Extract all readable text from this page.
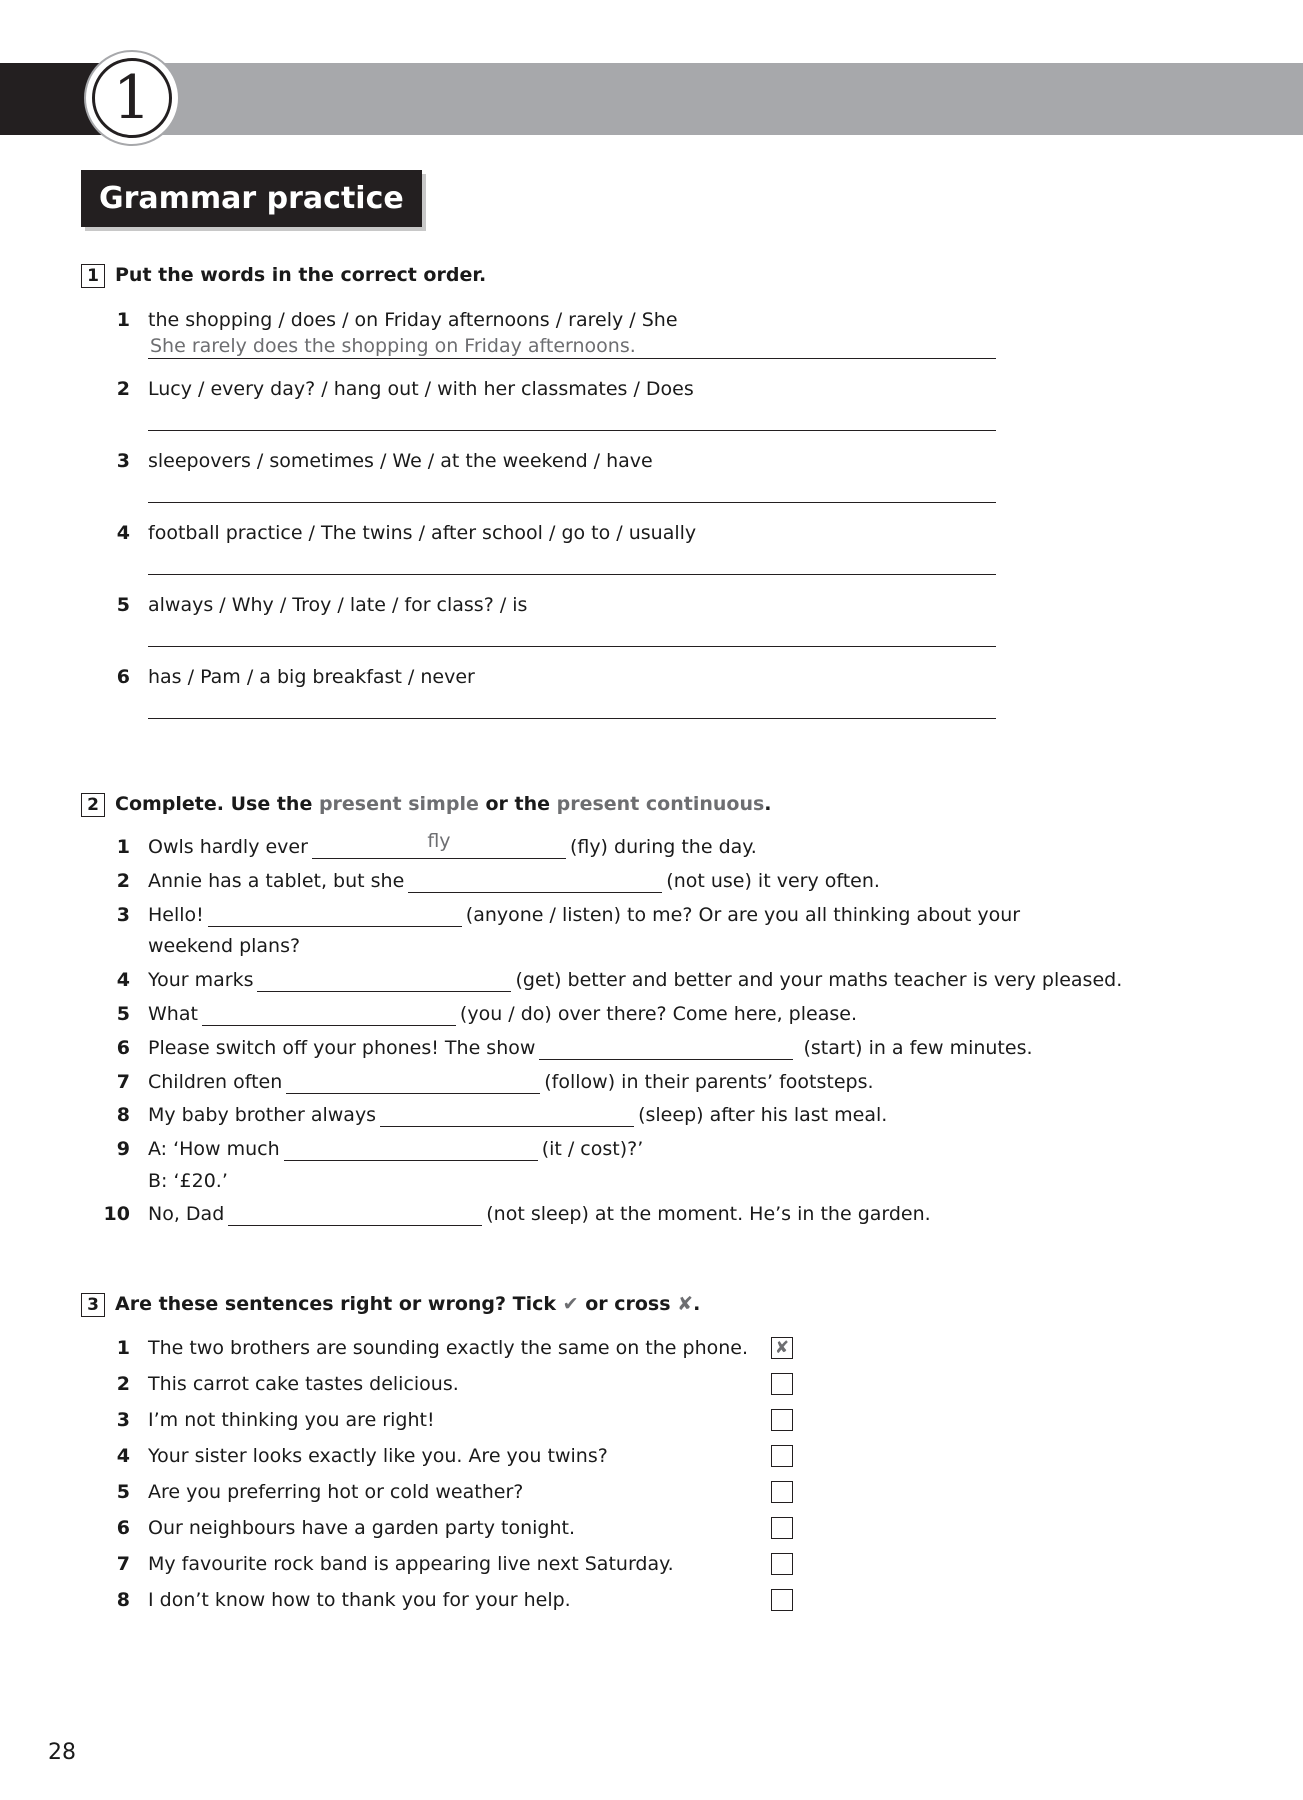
1
Grammar practice
1 Put the words in the correct order.
1 the shopping / does / on Friday afternoons / rarely / She
She rarely does the shopping on Friday afternoons.
2 Lucy / every day? / hang out / with her classmates / Does
3 sleepovers / sometimes / We / at the weekend / have
4 football practice / The twins / after school / go to / usually
5 always / Why / Troy / late / for class? / is
6 has / Pam / a big breakfast / never
2 Complete. Use the present simple or the present continuous.
1 Owls hardly ever	fly	(fly) during the day.
2 Annie has a tablet, but she	(not use) it very often.
3 Hello!	(anyone / listen) to me? Or are you all thinking about your
weekend plans?
4 Your marks	(get) better and better and your maths teacher is very pleased.
5 What	(you / do) over there? Come here, please.
6 Please switch off your phones! The show	(start) in a few minutes.
7 Children often	(follow) in their parents’ footsteps.
8 My baby brother always	(sleep) after his last meal.
9 A: ‘How much	(it / cost)?’
B: ‘£20.’
10 No, Dad	(not sleep) at the moment. He’s in the garden.
3 Are these sentences right or wrong? Tick ✔ or cross ✘.
1 The two brothers are sounding exactly the same on the phone. ✘
2 This carrot cake tastes delicious.
3 I’m not thinking you are right!
4 Your sister looks exactly like you. Are you twins?
5 Are you preferring hot or cold weather?
6 Our neighbours have a garden party tonight.
7 My favourite rock band is appearing live next Saturday.
8 I don’t know how to thank you for your help.
28
